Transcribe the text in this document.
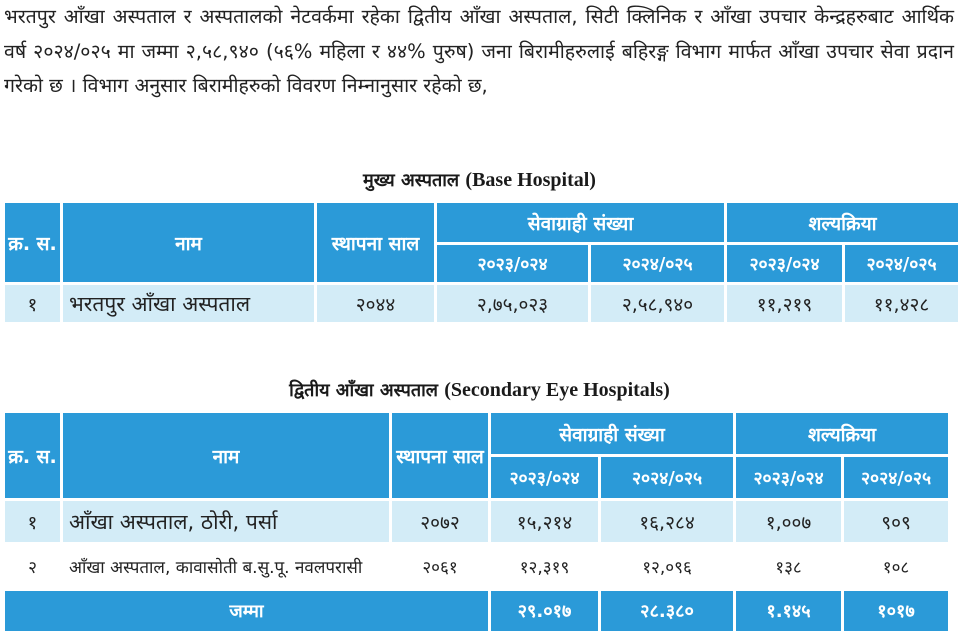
भरतपुर आँखा अस्पताल र अस्पतालको नेटवर्कमा रहेका द्वितीय आँखा अस्पताल, सिटी क्लिनिक र आँखा उपचार केन्द्रहरुबाट आर्थिक वर्ष २०२४/०२५ मा जम्मा २,५८,९४० (५६% महिला र ४४% पुरुष) जना बिरामीहरुलाई बहिरङ्ग विभाग मार्फत आँखा उपचार सेवा प्रदान गरेको छ । विभाग अनुसार बिरामीहरुको विवरण निम्नानुसार रहेको छ,

मुख्य अस्पताल (Base Hospital)
क्र. स.	नाम	स्थापना साल	सेवाग्राही संख्या		शल्यक्रिया	
			२०२३/०२४	२०२४/०२५	२०२३/०२४	२०२४/०२५
१	भरतपुर आँखा अस्पताल	२०४४	२,७५,०२३	२,५८,९४०	११,२१९	११,४२८
द्वितीय आँखा अस्पताल (Secondary Eye Hospitals)
क्र. स.	नाम	स्थापना साल	सेवाग्राही संख्या		शल्यक्रिया	
			२०२३/०२४	२०२४/०२५	२०२३/०२४	२०२४/०२५
१	आँखा अस्पताल, ठोरी, पर्सा	२०७२	१५,२१४	१६,२८४	१,००७	९०९
२	आँखा अस्पताल, कावासोती ब.सु.पू. नवलपरासी	२०६१	१२,३१९	१२,०९६	१३८	१०८
जम्मा			२९.०१७	२८.३८०	१.१४५	१०१७
